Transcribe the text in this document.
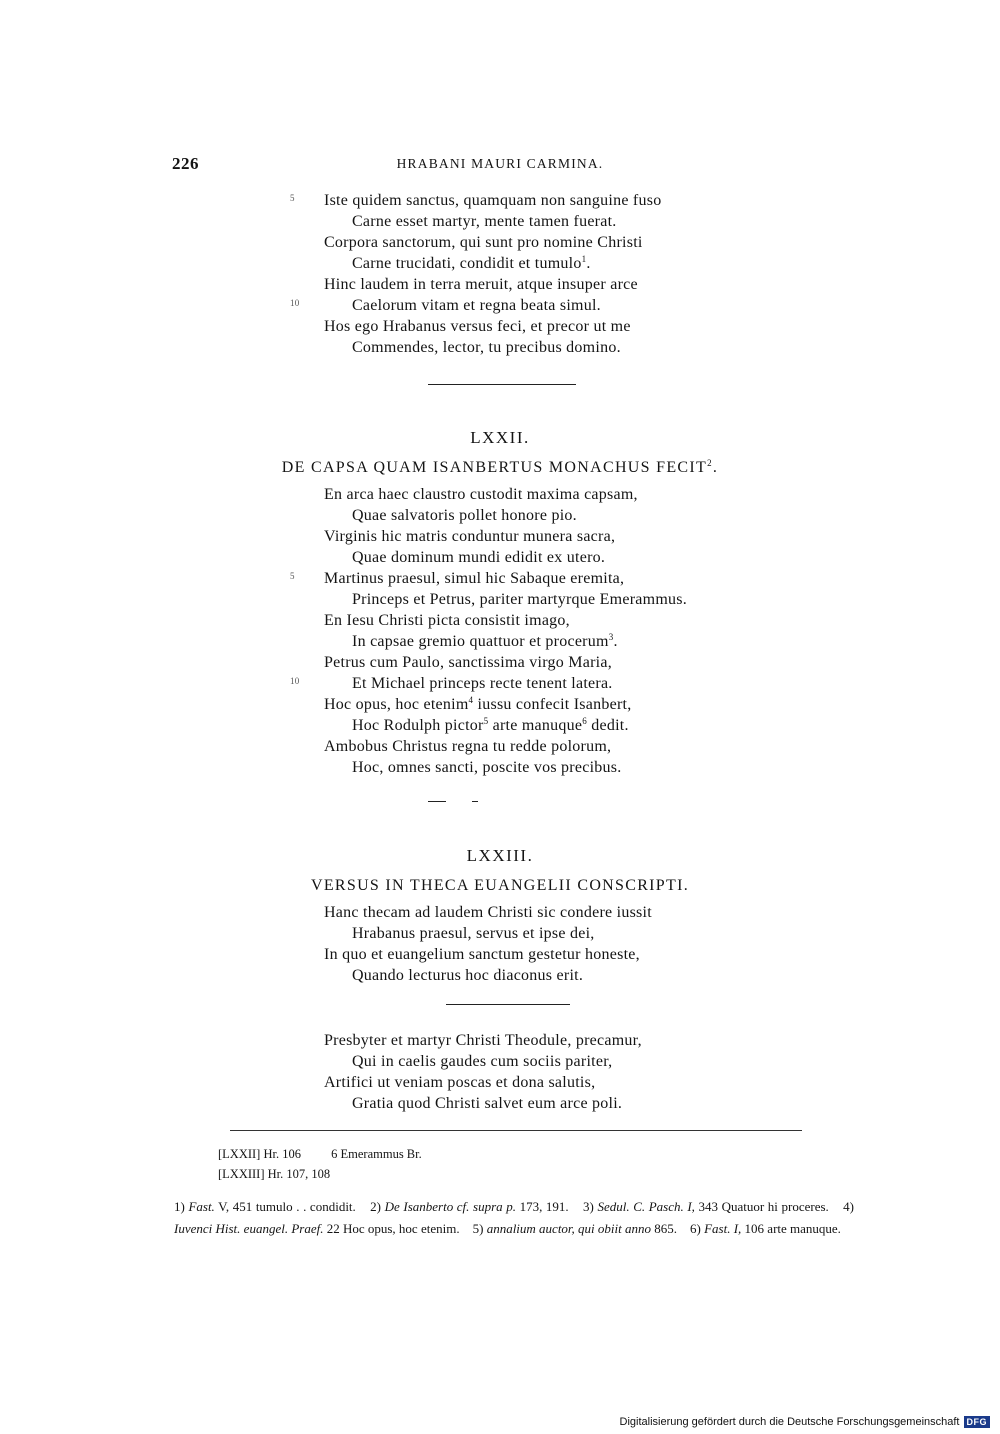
226	HRABANI MAURI CARMINA.
5 Iste quidem sanctus, quamquam non sanguine fuso
Carne esset martyr, mente tamen fuerat.
Corpora sanctorum, qui sunt pro nomine Christi
Carne trucidati, condidit et tumulo$^1$.
Hinc laudem in terra meruit, atque insuper arce
10	Caelorum vitam et regna beata simul.
Hos ego Hrabanus versus feci, et precor ut me
Commendes, lector, tu precibus domino.
LXXII.
DE CAPSA QUAM ISANBERTUS MONACHUS FECIT$^2$.
En arca haec claustro custodit maxima capsam,
Quae salvatoris pollet honore pio.
Virginis hic matris conduntur munera sacra,
Quae dominum mundi edidit ex utero.
5 Martinus praesul, simul hic Sabaque eremita,
Princeps et Petrus, pariter martyrque Emerammus.
En Iesu Christi picta consistit imago,
In capsae gremio quattuor et procerum$^3$.
Petrus cum Paulo, sanctissima virgo Maria,
10	Et Michael princeps recte tenent latera.
Hoc opus, hoc etenim$^4$ iussu confecit Isanbert,
Hoc Rodulph pictor$^5$ arte manuque$^6$ dedit.
Ambobus Christus regna tu redde polorum,
Hoc, omnes sancti, poscite vos precibus.
LXXIII.
VERSUS IN THECA EUANGELII CONSCRIPTI.
Hanc thecam ad laudem Christi sic condere iussit
Hrabanus praesul, servus et ipse dei,
In quo et euangelium sanctum gestetur honeste,
Quando lecturus hoc diaconus erit.
Presbyter et martyr Christi Theodule, precamur,
Qui in caelis gaudes cum sociis pariter,
Artifici ut veniam poscas et dona salutis,
Gratia quod Christi salvet eum arce poli.
[LXXII] Hr. 106 6 Emerammus Br.
[LXXIII] Hr. 107, 108
1) Fast. V, 451 tumulo . . condidit. 2) De Isanberto cf. supra p. 173, 191. 3) Sedul. C. Pasch. I, 343 Quatuor hi proceres. 4) Iuvenci Hist. euangel. Praef. 22 Hoc opus, hoc etenim. 5) annalium auctor, qui obiit anno 865. 6) Fast. I, 106 arte manuque.
Digitalisierung gefördert durch die Deutsche Forschungsgemeinschaft DFG
